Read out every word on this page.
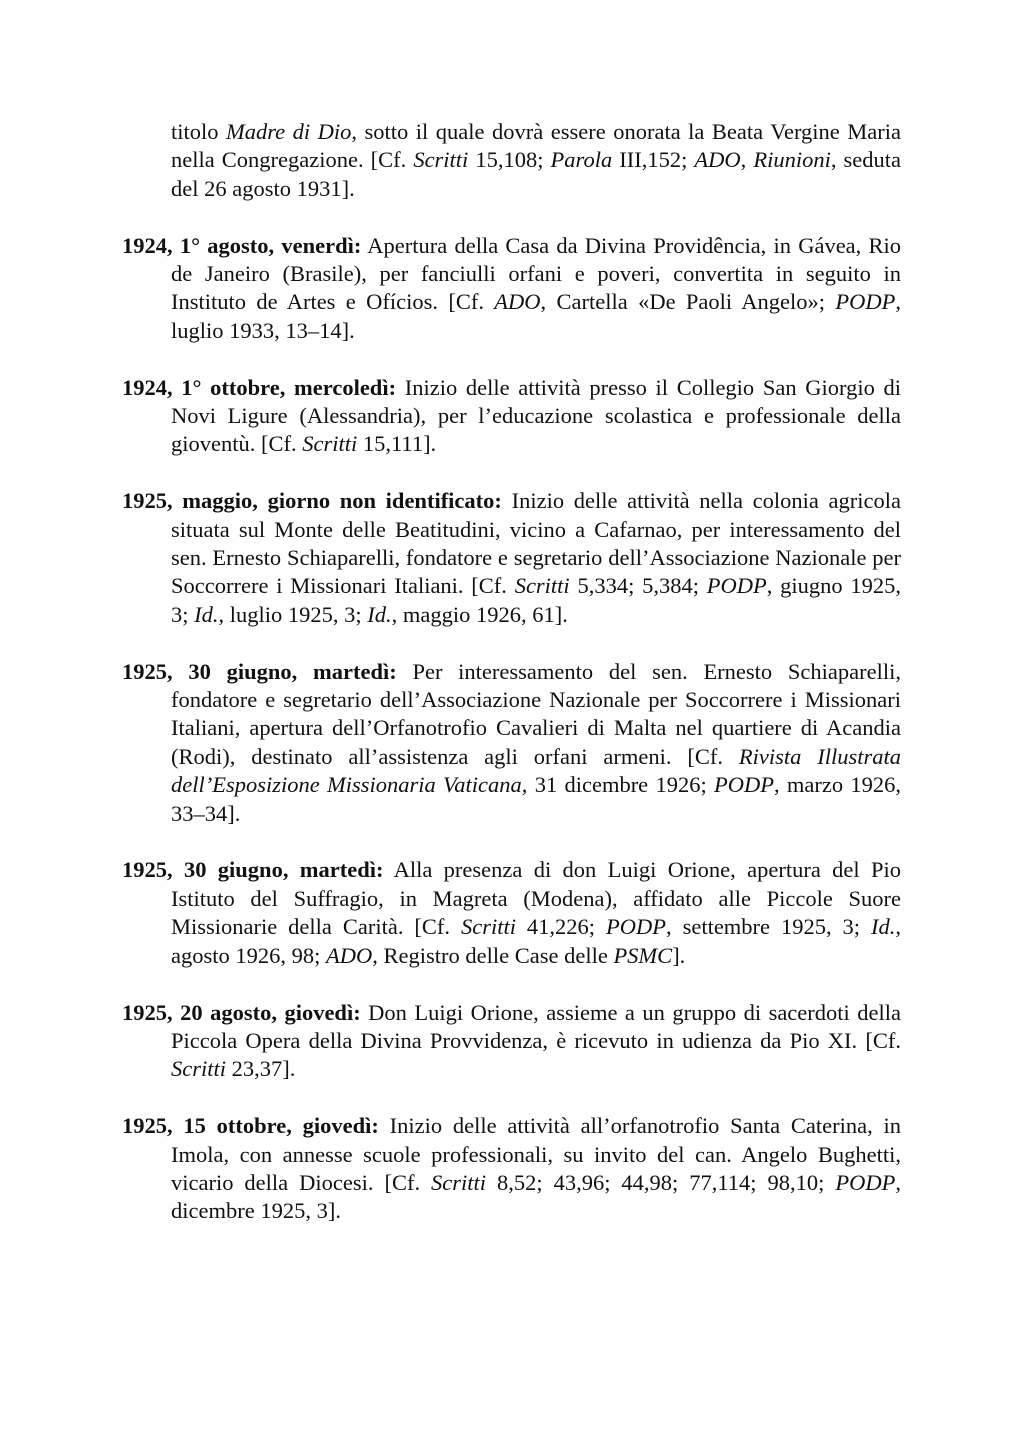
titolo Madre di Dio, sotto il quale dovrà essere onorata la Beata Vergine Maria nella Congregazione. [Cf. Scritti 15,108; Parola III,152; ADO, Riunioni, seduta del 26 agosto 1931].

1924, 1° agosto, venerdì: Apertura della Casa da Divina Providência, in Gávea, Rio de Janeiro (Brasile), per fanciulli orfani e poveri, convertita in seguito in Instituto de Artes e Ofícios. [Cf. ADO, Cartella «De Paoli Angelo»; PODP, luglio 1933, 13–14].

1924, 1° ottobre, mercoledì: Inizio delle attività presso il Collegio San Giorgio di Novi Ligure (Alessandria), per l’educazione scolastica e professionale della gioventù. [Cf. Scritti 15,111].

1925, maggio, giorno non identificato: Inizio delle attività nella colonia agricola situata sul Monte delle Beatitudini, vicino a Cafarnao, per interessamento del sen. Ernesto Schiaparelli, fondatore e segretario dell’Associazione Nazionale per Soccorrere i Missionari Italiani. [Cf. Scritti 5,334; 5,384; PODP, giugno 1925, 3; Id., luglio 1925, 3; Id., maggio 1926, 61].

1925, 30 giugno, martedì: Per interessamento del sen. Ernesto Schiaparelli, fondatore e segretario dell’Associazione Nazionale per Soccorrere i Missionari Italiani, apertura dell’Orfanotrofio Cavalieri di Malta nel quartiere di Acandia (Rodi), destinato all’assistenza agli orfani armeni. [Cf. Rivista Illustrata dell’Esposizione Missionaria Vaticana, 31 dicembre 1926; PODP, marzo 1926, 33–34].

1925, 30 giugno, martedì: Alla presenza di don Luigi Orione, apertura del Pio Istituto del Suffragio, in Magreta (Modena), affidato alle Piccole Suore Missionarie della Carità. [Cf. Scritti 41,226; PODP, settembre 1925, 3; Id., agosto 1926, 98; ADO, Registro delle Case delle PSMC].

1925, 20 agosto, giovedì: Don Luigi Orione, assieme a un gruppo di sacerdoti della Piccola Opera della Divina Provvidenza, è ricevuto in udienza da Pio XI. [Cf. Scritti 23,37].

1925, 15 ottobre, giovedì: Inizio delle attività all’orfanotrofio Santa Caterina, in Imola, con annesse scuole professionali, su invito del can. Angelo Bughetti, vicario della Diocesi. [Cf. Scritti 8,52; 43,96; 44,98; 77,114; 98,10; PODP, dicembre 1925, 3].
